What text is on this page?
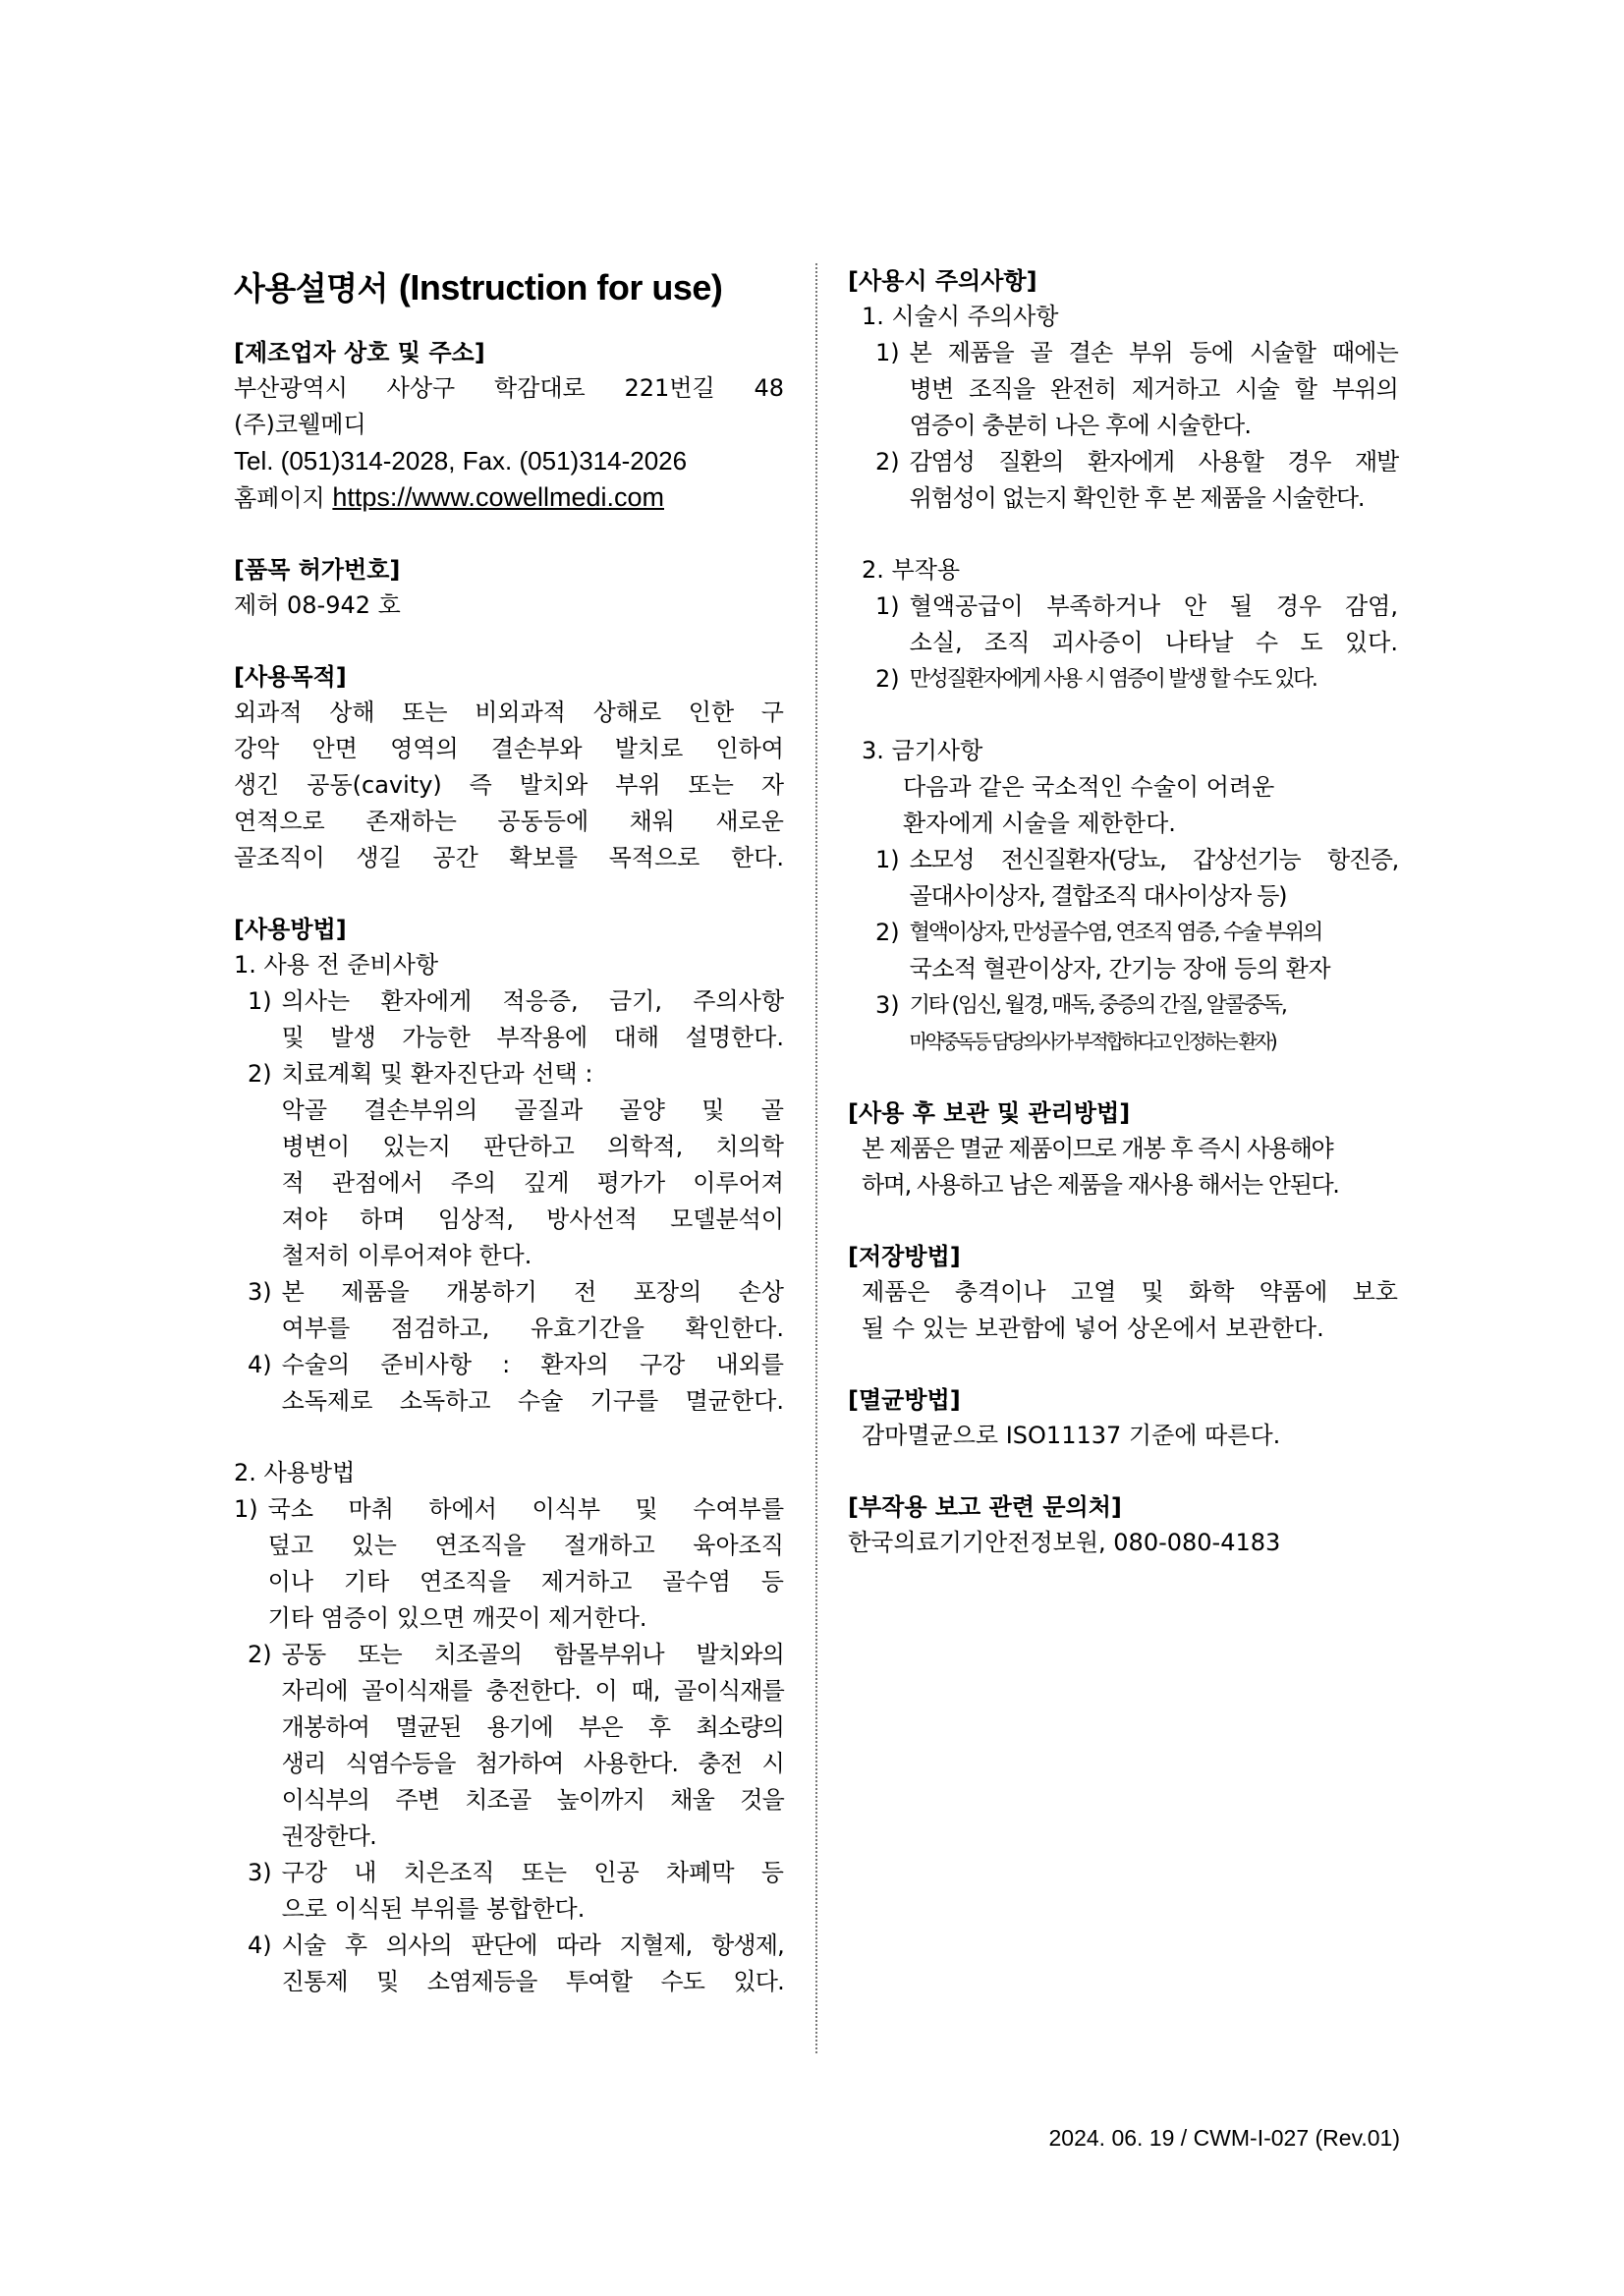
사용설명서 (Instruction for use)
[제조업자 상호 및 주소]
부산광역시 사상구 학감대로 221번길 48
(주)코웰메디
Tel. (051)314-2028, Fax. (051)314-2026
홈페이지 https://www.cowellmedi.com
[품목 허가번호]
제허 08-942 호
[사용목적]
외과적 상해 또는 비외과적 상해로 인한 구
강악 안면 영역의 결손부와 발치로 인하여
생긴 공동(cavity) 즉 발치와 부위 또는 자
연적으로 존재하는 공동등에 채워 새로운
골조직이 생길 공간 확보를 목적으로 한다.
[사용방법]
1. 사용 전 준비사항
1) 의사는 환자에게 적응증, 금기, 주의사항
및 발생 가능한 부작용에 대해 설명한다.
2) 치료계획 및 환자진단과 선택 :
악골 결손부위의 골질과 골양 및 골
병변이 있는지 판단하고 의학적, 치의학
적 관점에서 주의 깊게 평가가 이루어져
져야 하며 임상적, 방사선적 모델분석이
철저히 이루어져야 한다.
3) 본 제품을 개봉하기 전 포장의 손상
여부를 점검하고, 유효기간을 확인한다.
4) 수술의 준비사항 : 환자의 구강 내외를
소독제로 소독하고 수술 기구를 멸균한다.
2. 사용방법
1) 국소 마취 하에서 이식부 및 수여부를
덮고 있는 연조직을 절개하고 육아조직
이나 기타 연조직을 제거하고 골수염 등
기타 염증이 있으면 깨끗이 제거한다.
2) 공동 또는 치조골의 함몰부위나 발치와의
자리에 골이식재를 충전한다. 이 때, 골이식재를
개봉하여 멸균된 용기에 부은 후 최소량의
생리 식염수등을 첨가하여 사용한다. 충전 시
이식부의 주변 치조골 높이까지 채울 것을
권장한다.
3) 구강 내 치은조직 또는 인공 차폐막 등
으로 이식된 부위를 봉합한다.
4) 시술 후 의사의 판단에 따라 지혈제, 항생제,
진통제 및 소염제등을 투여할 수도 있다.
[사용시 주의사항]
1. 시술시 주의사항
1) 본 제품을 골 결손 부위 등에 시술할 때에는
병변 조직을 완전히 제거하고 시술 할 부위의
염증이 충분히 나은 후에 시술한다.
2) 감염성 질환의 환자에게 사용할 경우 재발
위험성이 없는지 확인한 후 본 제품을 시술한다.
2. 부작용
1) 혈액공급이 부족하거나 안 될 경우 감염,
소실, 조직 괴사증이 나타날 수 도 있다.
2) 만성질환자에게 사용 시 염증이 발생 할 수도 있다.
3. 금기사항
다음과 같은 국소적인 수술이 어려운
환자에게 시술을 제한한다.
1) 소모성 전신질환자(당뇨, 갑상선기능 항진증,
골대사이상자, 결합조직 대사이상자 등)
2) 혈액이상자, 만성골수염, 연조직 염증, 수술 부위의
국소적 혈관이상자, 간기능 장애 등의 환자
3) 기타 (임신, 월경, 매독, 중증의 간질, 알콜중독,
마약중독등 담당의사가 부적합하다고 인정하는 환자)
[사용 후 보관 및 관리방법]
본 제품은 멸균 제품이므로 개봉 후 즉시 사용해야
하며, 사용하고 남은 제품을 재사용 해서는 안된다.
[저장방법]
제품은 충격이나 고열 및 화학 약품에 보호
될 수 있는 보관함에 넣어 상온에서 보관한다.
[멸균방법]
감마멸균으로 ISO11137 기준에 따른다.
[부작용 보고 관련 문의처]
한국의료기기안전정보원, 080-080-4183
2024. 06. 19 / CWM-I-027 (Rev.01)
